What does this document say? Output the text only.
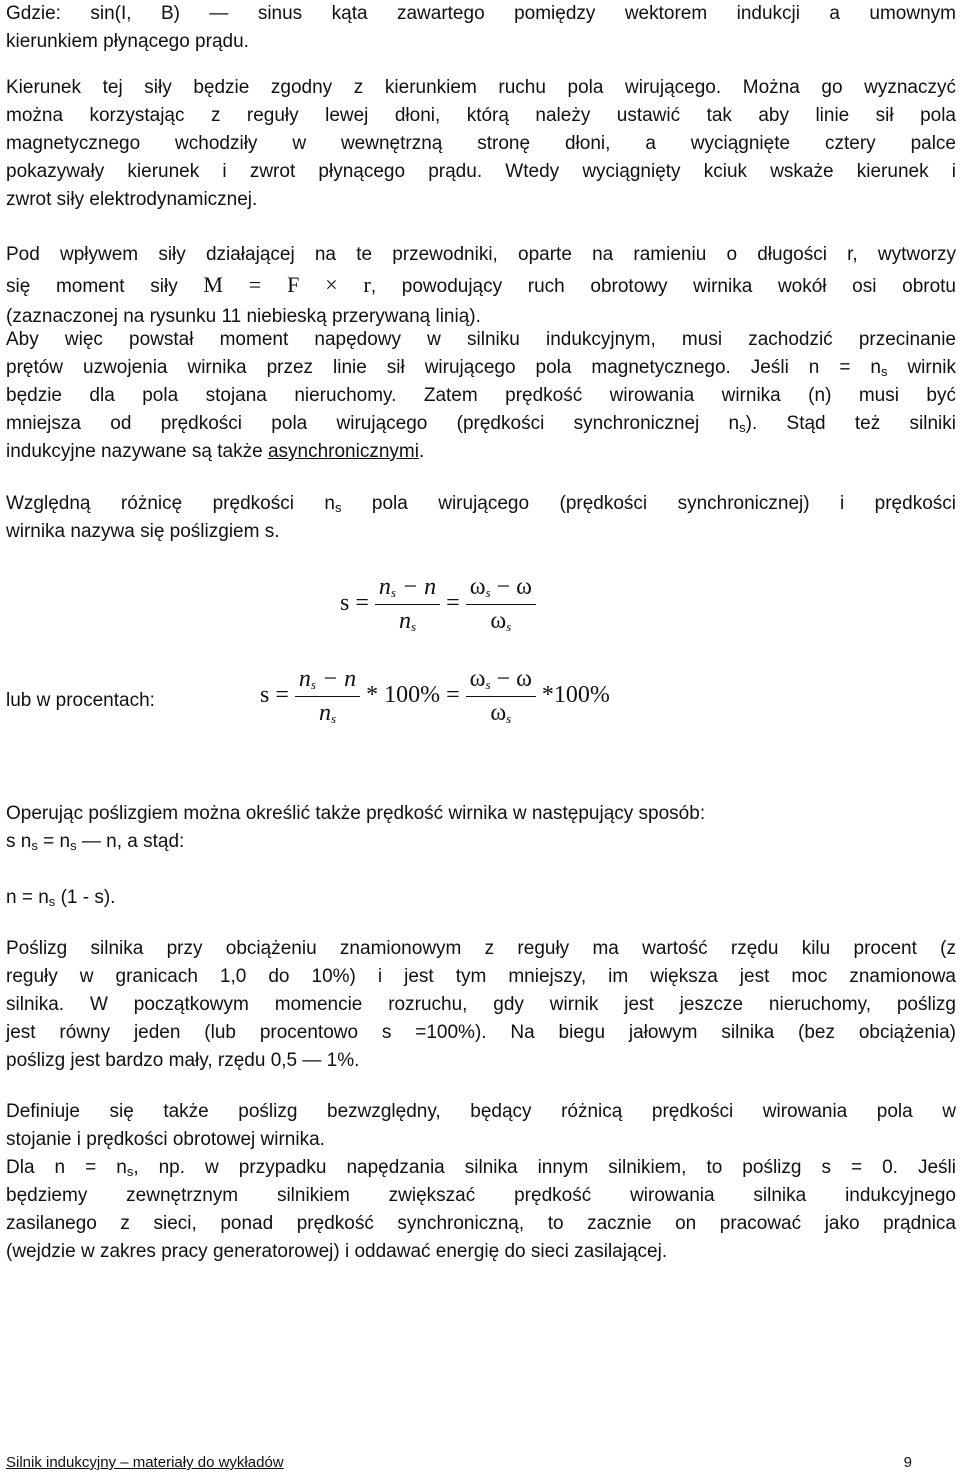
Gdzie: sin(I, B) — sinus kąta zawartego pomiędzy wektorem indukcji a umownym
kierunkiem płynącego prądu.
Kierunek tej siły będzie zgodny z kierunkiem ruchu pola wirującego. Można go wyznaczyć
można korzystając z reguły lewej dłoni, którą należy ustawić tak aby linie sił pola
magnetycznego wchodziły w wewnętrzną stronę dłoni, a wyciągnięte cztery palce
pokazywały kierunek i zwrot płynącego prądu. Wtedy wyciągnięty kciuk wskaże kierunek i
zwrot siły elektrodynamicznej.
Pod wpływem siły działającej na te przewodniki, oparte na ramieniu o długości r, wytworzy
się moment siły M = F × r, powodujący ruch obrotowy wirnika wokół osi obrotu
(zaznaczonej na rysunku 11 niebieską przerywaną linią).
Aby więc powstał moment napędowy w silniku indukcyjnym, musi zachodzić przecinanie
prętów uzwojenia wirnika przez linie sił wirującego pola magnetycznego. Jeśli $n = n_s$ wirnik
będzie dla pola stojana nieruchomy. Zatem prędkość wirowania wirnika (n) musi być
mniejsza od prędkości pola wirującego (prędkości synchronicznej $n_s$). Stąd też silniki
indukcyjne nazywane są także asynchronicznymi.
Względną różnicę prędkości $n_s$ pola wirującego (prędkości synchronicznej) i prędkości
wirnika nazywa się poślizgiem s.
$s = \frac{n_s - n}{n_s} = \frac{\omega_s - \omega}{\omega_s}$
lub w procentach:	$s = \frac{n_s - n}{n_s} * 100\% = \frac{\omega_s - \omega}{\omega_s} *100\%$
Operując poślizgiem można określić także prędkość wirnika w następujący sposób:
s $n_s = n_s$ — n, a stąd:
$n = n_s$ (1 - s).
Poślizg silnika przy obciążeniu znamionowym z reguły ma wartość rzędu kilu procent (z
reguły w granicach 1,0 do 10%) i jest tym mniejszy, im większa jest moc znamionowa
silnika. W początkowym momencie rozruchu, gdy wirnik jest jeszcze nieruchomy, poślizg
jest równy jeden (lub procentowo s =100%). Na biegu jałowym silnika (bez obciążenia)
poślizg jest bardzo mały, rzędu 0,5 — 1%.
Definiuje się także poślizg bezwzględny, będący różnicą prędkości wirowania pola w
stojanie i prędkości obrotowej wirnika.
Dla $n = n_s$, np. w przypadku napędzania silnika innym silnikiem, to poślizg s = 0. Jeśli
będziemy zewnętrznym silnikiem zwiększać prędkość wirowania silnika indukcyjnego
zasilanego z sieci, ponad prędkość synchroniczną, to zacznie on pracować jako prądnica
(wejdzie w zakres pracy generatorowej) i oddawać energię do sieci zasilającej.
Silnik indukcyjny – materiały do wykładów	9
